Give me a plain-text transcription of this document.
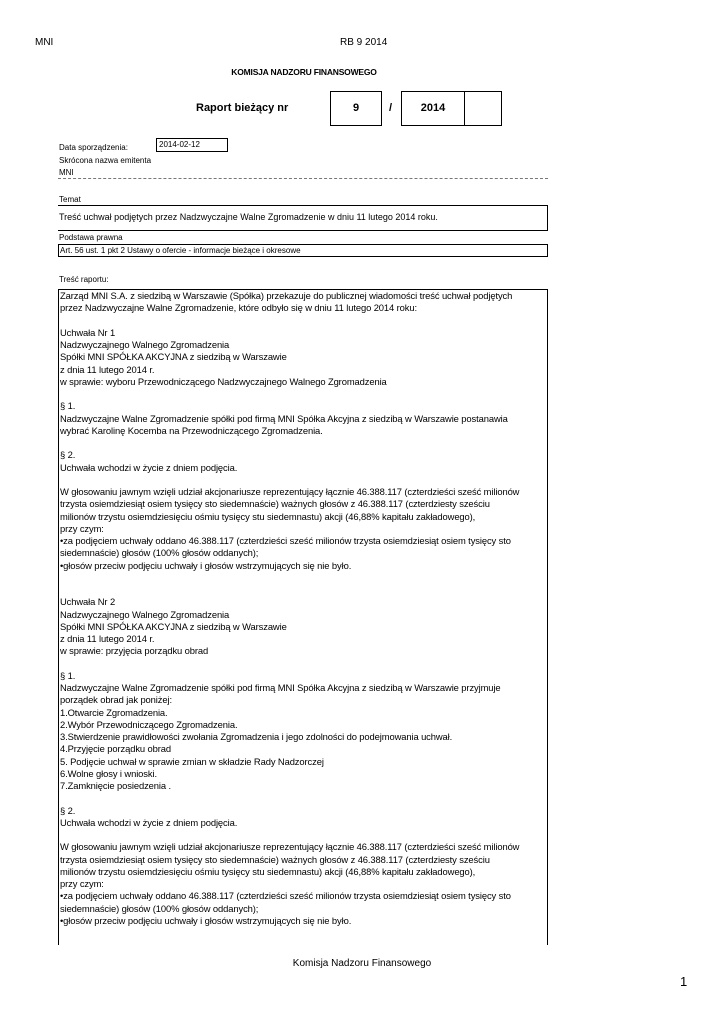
MNI	RB 9 2014
KOMISJA NADZORU FINANSOWEGO
Raport bieżący nr	9	/	2014
Data sporządzenia:	2014-02-12
Skrócona nazwa emitenta
MNI
Temat
Treść uchwał podjętych przez Nadzwyczajne Walne Zgromadzenie w dniu 11 lutego 2014 roku.
Podstawa prawna
Art. 56 ust. 1 pkt 2 Ustawy o ofercie - informacje bieżące i okresowe
Treść raportu:
Zarząd MNI S.A. z siedzibą w Warszawie (Spółka) przekazuje do publicznej wiadomości treść uchwał podjętych
przez Nadzwyczajne Walne Zgromadzenie, które odbyło się w dniu 11 lutego 2014 roku:
Uchwała Nr 1
Nadzwyczajnego Walnego Zgromadzenia
Spółki MNI SPÓŁKA AKCYJNA z siedzibą w Warszawie
z dnia 11 lutego 2014 r.
w sprawie: wyboru Przewodniczącego Nadzwyczajnego Walnego Zgromadzenia
§ 1.
Nadzwyczajne Walne Zgromadzenie spółki pod firmą MNI Spółka Akcyjna z siedzibą w Warszawie postanawia
wybrać Karolinę Kocemba na Przewodniczącego Zgromadzenia.
§ 2.
Uchwała wchodzi w życie z dniem podjęcia.
W głosowaniu jawnym wzięli udział akcjonariusze reprezentujący łącznie 46.388.117 (czterdzieści sześć milionów
trzysta osiemdziesiąt osiem tysięcy sto siedemnaście) ważnych głosów z 46.388.117 (czterdziesty sześciu
milionów trzystu osiemdziesięciu ośmiu tysięcy stu siedemnastu) akcji (46,88% kapitału zakładowego),
przy czym:
•za podjęciem uchwały oddano 46.388.117 (czterdzieści sześć milionów trzysta osiemdziesiąt osiem tysięcy sto
siedemnaście) głosów (100% głosów oddanych);
•głosów przeciw podjęciu uchwały i głosów wstrzymujących się nie było.
Uchwała Nr 2
Nadzwyczajnego Walnego Zgromadzenia
Spółki MNI SPÓŁKA AKCYJNA z siedzibą w Warszawie
z dnia 11 lutego 2014 r.
w sprawie: przyjęcia porządku obrad
§ 1.
Nadzwyczajne Walne Zgromadzenie spółki pod firmą MNI Spółka Akcyjna z siedzibą w Warszawie przyjmuje
porządek obrad jak poniżej:
1.Otwarcie Zgromadzenia.
2.Wybór Przewodniczącego Zgromadzenia.
3.Stwierdzenie prawidłowości zwołania Zgromadzenia i jego zdolności do podejmowania uchwał.
4.Przyjęcie porządku obrad
5. Podjęcie uchwał w sprawie zmian w składzie Rady Nadzorczej
6.Wolne głosy i wnioski.
7.Zamknięcie posiedzenia .
§ 2.
Uchwała wchodzi w życie z dniem podjęcia.
W głosowaniu jawnym wzięli udział akcjonariusze reprezentujący łącznie 46.388.117 (czterdzieści sześć milionów
trzysta osiemdziesiąt osiem tysięcy sto siedemnaście) ważnych głosów z 46.388.117 (czterdziesty sześciu
milionów trzystu osiemdziesięciu ośmiu tysięcy stu siedemnastu) akcji (46,88% kapitału zakładowego),
przy czym:
•za podjęciem uchwały oddano 46.388.117 (czterdzieści sześć milionów trzysta osiemdziesiąt osiem tysięcy sto
siedemnaście) głosów (100% głosów oddanych);
•głosów przeciw podjęciu uchwały i głosów wstrzymujących się nie było.
Komisja Nadzoru Finansowego
1
